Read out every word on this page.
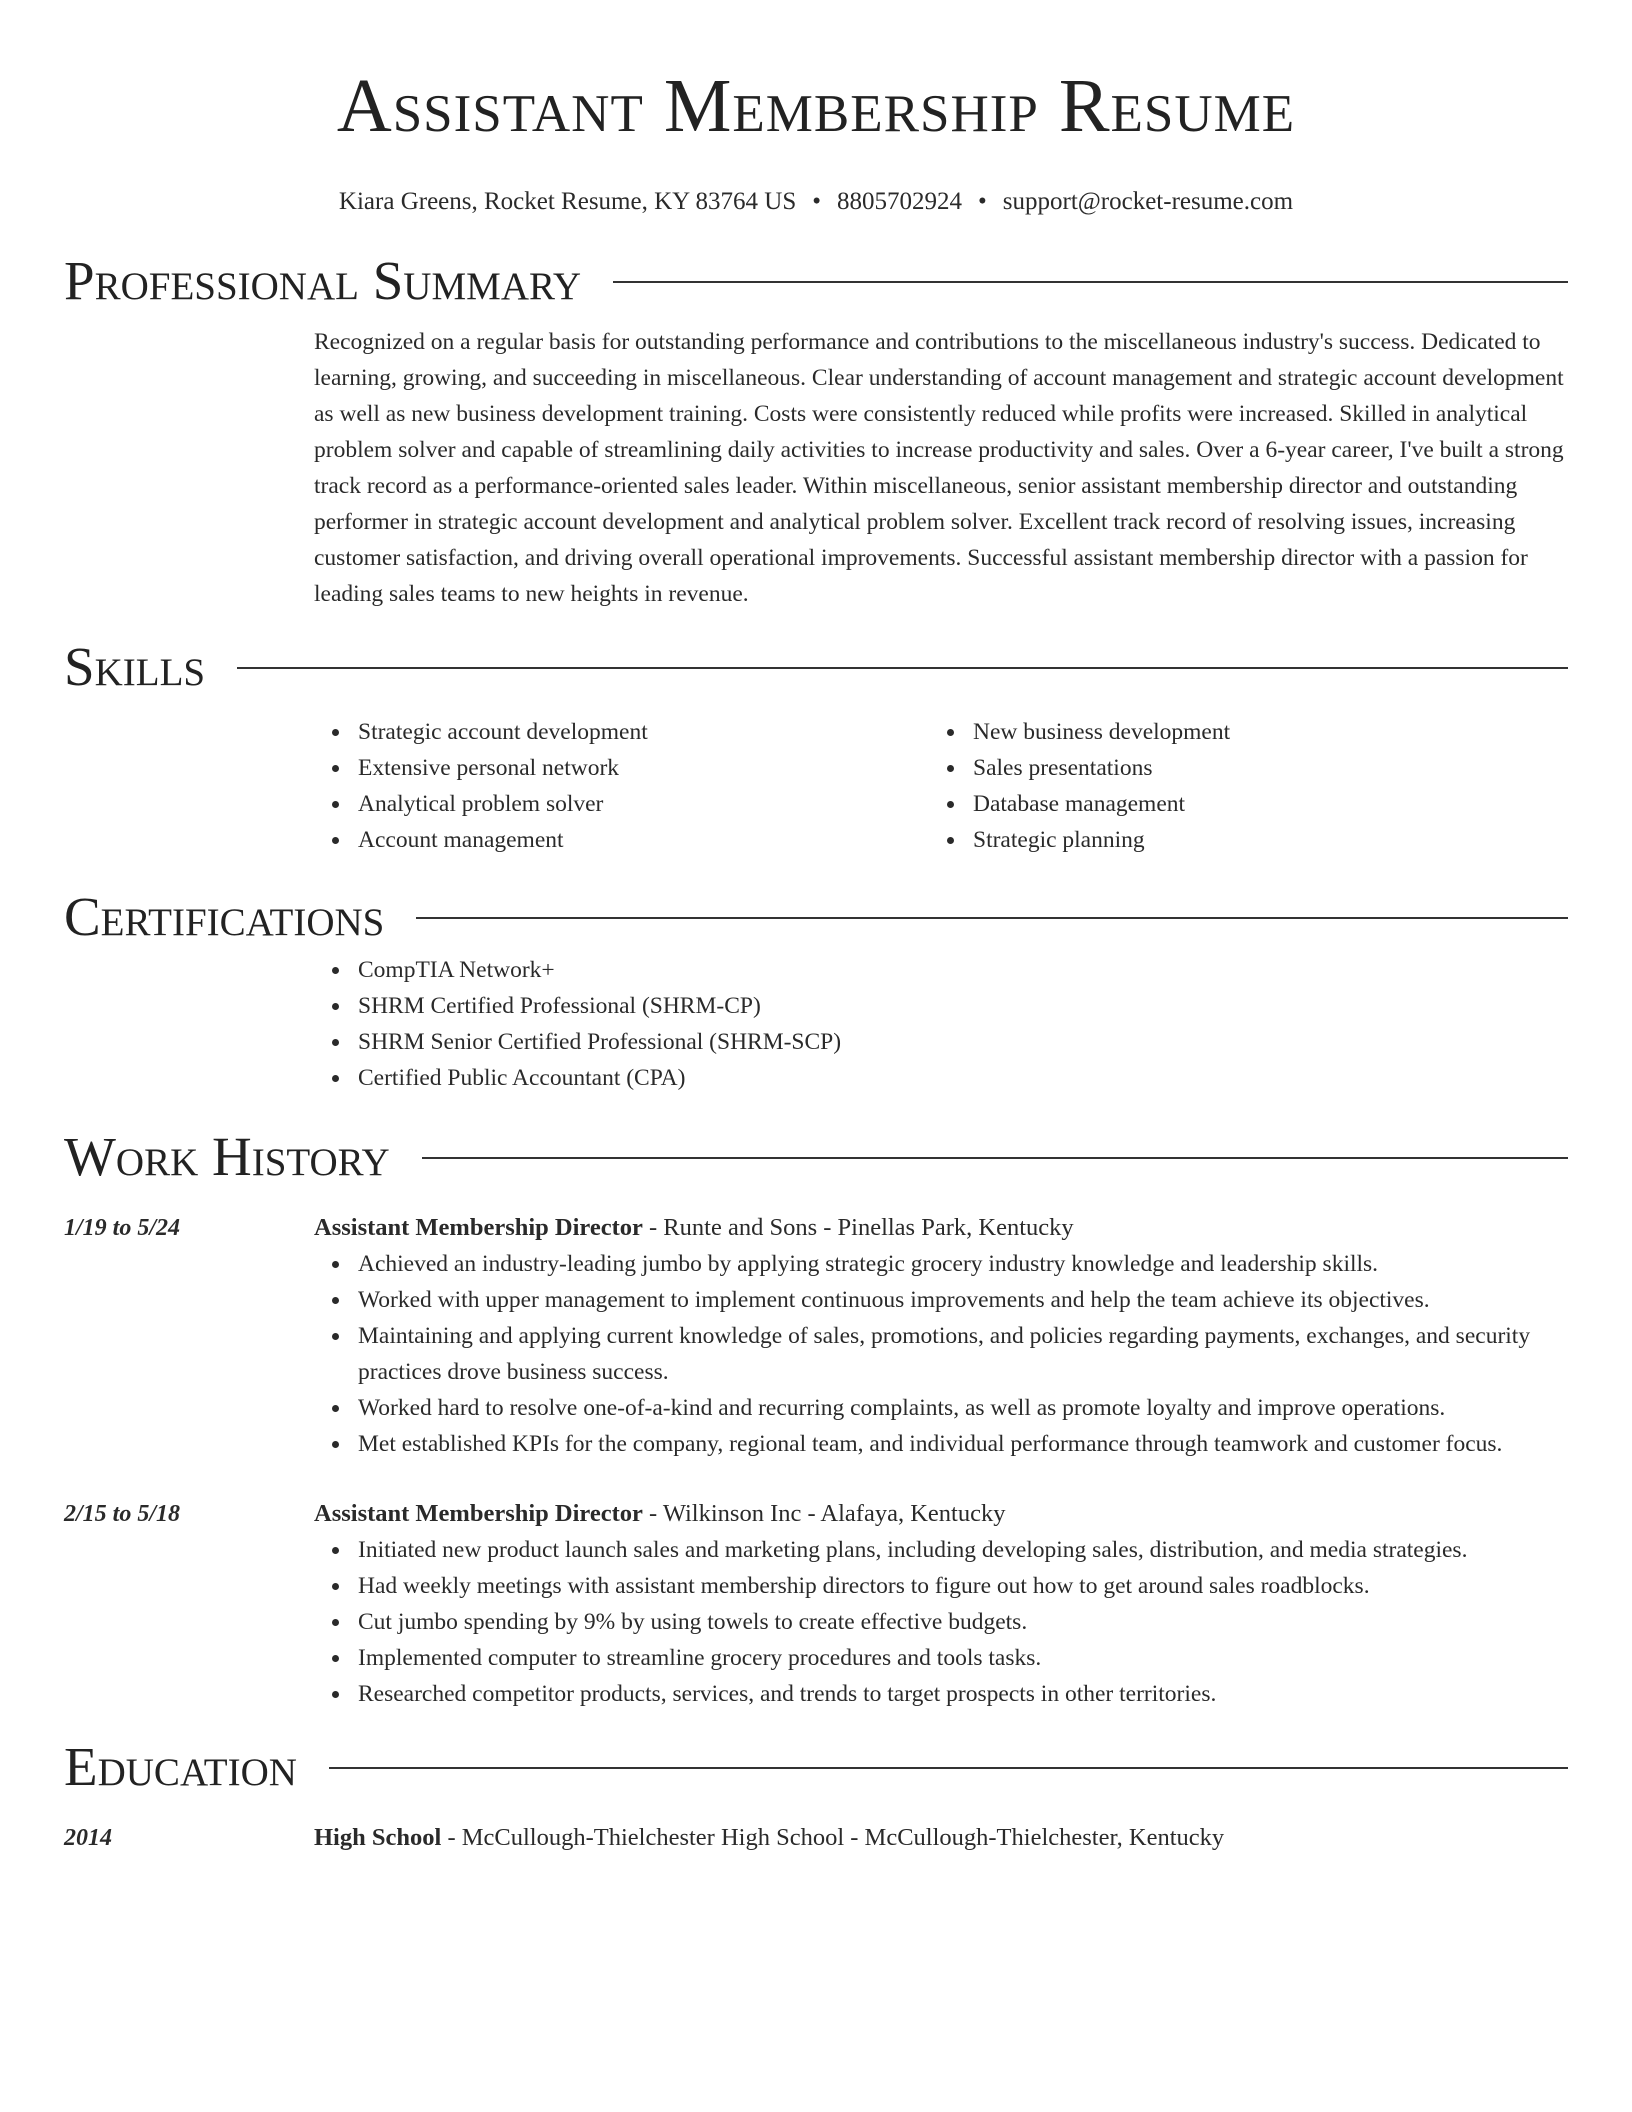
Assistant Membership Resume
Kiara Greens, Rocket Resume, KY 83764 US • 8805702924 • support@rocket-resume.com
Professional Summary

Recognized on a regular basis for outstanding performance and contributions to the miscellaneous industry's success. Dedicated to learning, growing, and succeeding in miscellaneous. Clear understanding of account management and strategic account development as well as new business development training. Costs were consistently reduced while profits were increased. Skilled in analytical problem solver and capable of streamlining daily activities to increase productivity and sales. Over a 6-year career, I've built a strong track record as a performance-oriented sales leader. Within miscellaneous, senior assistant membership director and outstanding performer in strategic account development and analytical problem solver. Excellent track record of resolving issues, increasing customer satisfaction, and driving overall operational improvements. Successful assistant membership director with a passion for leading sales teams to new heights in revenue.

Skills
Strategic account development
Extensive personal network
Analytical problem solver
Account management
New business development
Sales presentations
Database management
Strategic planning
Certifications
CompTIA Network+
SHRM Certified Professional (SHRM-CP)
SHRM Senior Certified Professional (SHRM-SCP)
Certified Public Accountant (CPA)
Work History
1/19 to 5/24	Assistant Membership Director - Runte and Sons - Pinellas Park, Kentucky
Achieved an industry-leading jumbo by applying strategic grocery industry knowledge and leadership skills.
Worked with upper management to implement continuous improvements and help the team achieve its objectives.
Maintaining and applying current knowledge of sales, promotions, and policies regarding payments, exchanges, and security practices drove business success.
Worked hard to resolve one-of-a-kind and recurring complaints, as well as promote loyalty and improve operations.
Met established KPIs for the company, regional team, and individual performance through teamwork and customer focus.
2/15 to 5/18	Assistant Membership Director - Wilkinson Inc - Alafaya, Kentucky
Initiated new product launch sales and marketing plans, including developing sales, distribution, and media strategies.
Had weekly meetings with assistant membership directors to figure out how to get around sales roadblocks.
Cut jumbo spending by 9% by using towels to create effective budgets.
Implemented computer to streamline grocery procedures and tools tasks.
Researched competitor products, services, and trends to target prospects in other territories.
Education
2014	High School - McCullough-Thielchester High School - McCullough-Thielchester, Kentucky
